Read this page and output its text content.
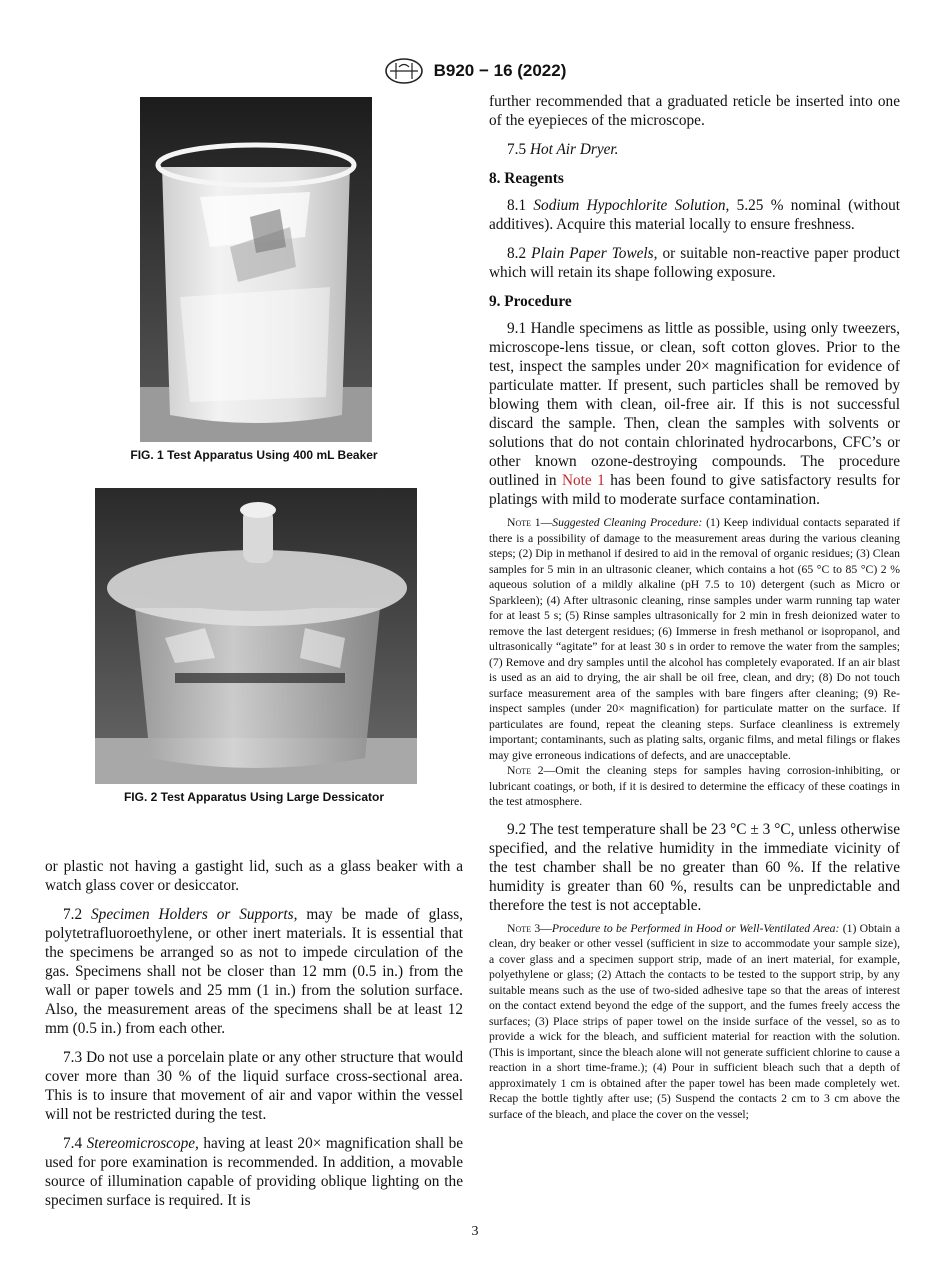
B920 − 16 (2022)
FIG. 1 Test Apparatus Using 400 mL Beaker
FIG. 2 Test Apparatus Using Large Dessicator

or plastic not having a gastight lid, such as a glass beaker with a watch glass cover or desiccator.

7.2 Specimen Holders or Supports, may be made of glass, polytetrafluoroethylene, or other inert materials. It is essential that the specimens be arranged so as not to impede circulation of the gas. Specimens shall not be closer than 12 mm (0.5 in.) from the wall or paper towels and 25 mm (1 in.) from the solution surface. Also, the measurement areas of the specimens shall be at least 12 mm (0.5 in.) from each other.

7.3 Do not use a porcelain plate or any other structure that would cover more than 30 % of the liquid surface cross-sectional area. This is to insure that movement of air and vapor within the vessel will not be restricted during the test.

7.4 Stereomicroscope, having at least 20× magnification shall be used for pore examination is recommended. In addition, a movable source of illumination capable of providing oblique lighting on the specimen surface is required. It is

further recommended that a graduated reticle be inserted into one of the eyepieces of the microscope.

7.5 Hot Air Dryer.

8. Reagents

8.1 Sodium Hypochlorite Solution, 5.25 % nominal (without additives). Acquire this material locally to ensure freshness.

8.2 Plain Paper Towels, or suitable non-reactive paper product which will retain its shape following exposure.

9. Procedure

9.1 Handle specimens as little as possible, using only tweezers, microscope-lens tissue, or clean, soft cotton gloves. Prior to the test, inspect the samples under 20× magnification for evidence of particulate matter. If present, such particles shall be removed by blowing them with clean, oil-free air. If this is not successful discard the sample. Then, clean the samples with solvents or solutions that do not contain chlorinated hydrocarbons, CFC’s or other known ozone-destroying compounds. The procedure outlined in Note 1 has been found to give satisfactory results for platings with mild to moderate surface contamination.

Note 1—Suggested Cleaning Procedure: (1) Keep individual contacts separated if there is a possibility of damage to the measurement areas during the various cleaning steps; (2) Dip in methanol if desired to aid in the removal of organic residues; (3) Clean samples for 5 min in an ultrasonic cleaner, which contains a hot (65 °C to 85 °C) 2 % aqueous solution of a mildly alkaline (pH 7.5 to 10) detergent (such as Micro or Sparkleen); (4) After ultrasonic cleaning, rinse samples under warm running tap water for at least 5 s; (5) Rinse samples ultrasonically for 2 min in fresh deionized water to remove the last detergent residues; (6) Immerse in fresh methanol or isopropanol, and ultrasonically “agitate” for at least 30 s in order to remove the water from the samples; (7) Remove and dry samples until the alcohol has completely evaporated. If an air blast is used as an aid to drying, the air shall be oil free, clean, and dry; (8) Do not touch surface measurement area of the samples with bare fingers after cleaning; (9) Re-inspect samples (under 20× magnification) for particulate matter on the surface. If particulates are found, repeat the cleaning steps. Surface cleanliness is extremely important; contaminants, such as plating salts, organic films, and metal filings or flakes may give erroneous indications of defects, and are unacceptable.

Note 2—Omit the cleaning steps for samples having corrosion-inhibiting, or lubricant coatings, or both, if it is desired to determine the efficacy of these coatings in the test atmosphere.

9.2 The test temperature shall be 23 °C ± 3 °C, unless otherwise specified, and the relative humidity in the immediate vicinity of the test chamber shall be no greater than 60 %. If the relative humidity is greater than 60 %, results can be unpredictable and therefore the test is not acceptable.

Note 3—Procedure to be Performed in Hood or Well-Ventilated Area: (1) Obtain a clean, dry beaker or other vessel (sufficient in size to accommodate your sample size), a cover glass and a specimen support strip, made of an inert material, for example, polyethylene or glass; (2) Attach the contacts to be tested to the support strip, by any suitable means such as the use of two-sided adhesive tape so that the areas of interest on the contact extend beyond the edge of the support, and the fumes freely access the surfaces; (3) Place strips of paper towel on the inside surface of the vessel, so as to provide a wick for the bleach, and sufficient material for reaction with the solution. (This is important, since the bleach alone will not generate sufficient chlorine to cause a reaction in a short time-frame.); (4) Pour in sufficient bleach such that a depth of approximately 1 cm is obtained after the paper towel has been made completely wet. Recap the bottle tightly after use; (5) Suspend the contacts 2 cm to 3 cm above the surface of the bleach, and place the cover on the vessel;

3
